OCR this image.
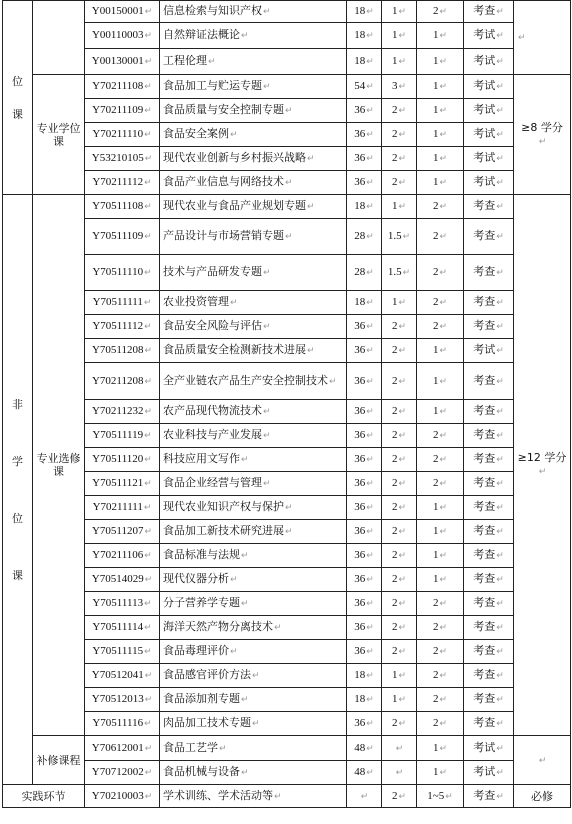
位
课		Y00150001↵	信息检索与知识产权↵	18↵	1↵	2↵	考查↵	↵
		Y00110003↵	自然辩证法概论↵	18↵	1↵	1↵	考试↵	
		Y00130001↵	工程伦理↵	18↵	1↵	1↵	考试↵	
	专业学位课	Y70211108↵	食品加工与贮运专题↵	54↵	3↵	1↵	考试↵	≥8 学分↵
		Y70211109↵	食品质量与安全控制专题↵	36↵	2↵	1↵	考试↵	
		Y70211110↵	食品安全案例↵	36↵	2↵	1↵	考试↵	
		Y53210105↵	现代农业创新与乡村振兴战略↵	36↵	2↵	1↵	考试↵	
		Y70211112↵	食品产业信息与网络技术↵	36↵	2↵	1↵	考试↵	
非
学
位
课	专业选修课	Y70511108↵	现代农业与食品产业规划专题↵	18↵	1↵	2↵	考查↵	≥12 学分↵
		Y70511109↵	产品设计与市场营销专题↵	28↵	1.5↵	2↵	考查↵	
		Y70511110↵	技术与产品研发专题↵	28↵	1.5↵	2↵	考查↵	
		Y70511111↵	农业投资管理↵	18↵	1↵	2↵	考查↵	
		Y70511112↵	食品安全风险与评估↵	36↵	2↵	2↵	考查↵	
		Y70511208↵	食品质量安全检测新技术进展↵	36↵	2↵	1↵	考试↵	
		Y70211208↵	全产业链农产品生产安全控制技术↵	36↵	2↵	1↵	考查↵	
		Y70211232↵	农产品现代物流技术↵	36↵	2↵	1↵	考查↵	
		Y70511119↵	农业科技与产业发展↵	36↵	2↵	2↵	考查↵	
		Y70511120↵	科技应用文写作↵	36↵	2↵	2↵	考查↵	
		Y70511121↵	食品企业经营与管理↵	36↵	2↵	2↵	考查↵	
		Y70211111↵	现代农业知识产权与保护↵	36↵	2↵	1↵	考查↵	
		Y70511207↵	食品加工新技术研究进展↵	36↵	2↵	1↵	考查↵	
		Y70211106↵	食品标准与法规↵	36↵	2↵	1↵	考查↵	
		Y70514029↵	现代仪器分析↵	36↵	2↵	1↵	考查↵	
		Y70511113↵	分子营养学专题↵	36↵	2↵	2↵	考查↵	
		Y70511114↵	海洋天然产物分离技术↵	36↵	2↵	2↵	考查↵	
		Y70511115↵	食品毒理评价↵	36↵	2↵	2↵	考查↵	
		Y70512041↵	食品感官评价方法↵	18↵	1↵	2↵	考查↵	
		Y70512013↵	食品添加剂专题↵	18↵	1↵	2↵	考查↵	
		Y70511116↵	肉品加工技术专题↵	36↵	2↵	2↵	考查↵	
	补修课程	Y70612001↵	食品工艺学↵	48↵	↵	1↵	考试↵	↵
		Y70712002↵	食品机械与设备↵	48↵	↵	1↵	考试↵	
实践环节		Y70210003↵	学术训练、学术活动等↵	↵	2↵	1~5↵	考查↵	必修
